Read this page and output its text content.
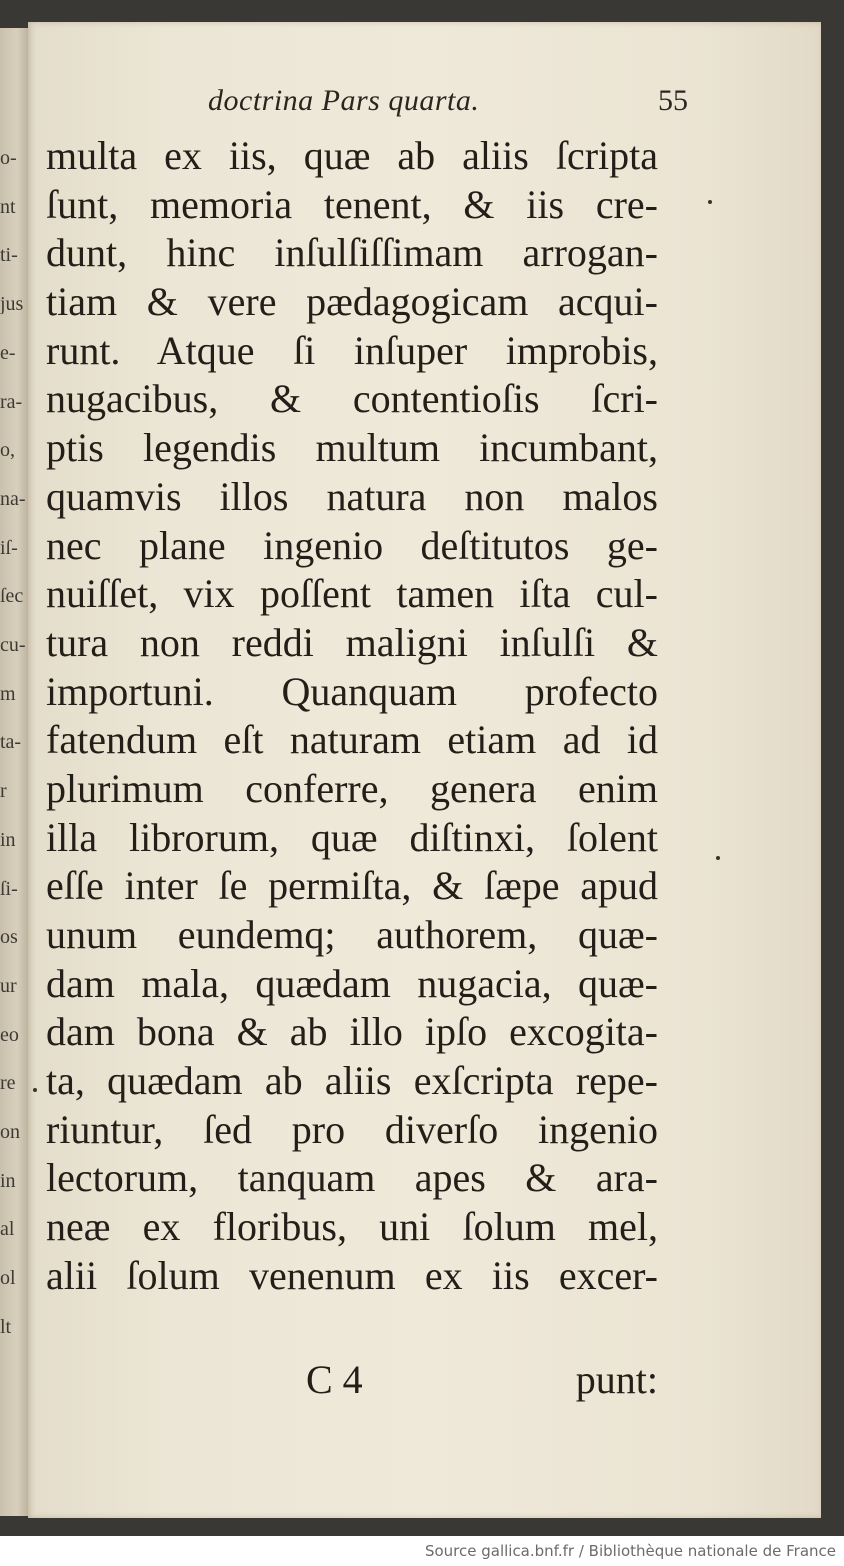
o-
nt
ti-
jus
e-
ra-
o,
na-
iſ-
ſec
cu-
m
ta-
r
in
ſi-
os
ur
eo
re
on
in
al
ol
lt
doctrina Pars quarta.	55
multa ex iis, quæ ab aliis ſcripta
ſunt, memoria tenent, & iis cre-
dunt, hinc inſulſiſſimam arrogan-
tiam & vere pædagogicam acqui-
runt. Atque ſi inſuper improbis,
nugacibus, & contentioſis ſcri-
ptis legendis multum incumbant,
quamvis illos natura non malos
nec plane ingenio deſtitutos ge-
nuiſſet, vix poſſent tamen iſta cul-
tura non reddi maligni inſulſi &
importuni. Quanquam profecto
fatendum eſt naturam etiam ad id
plurimum conferre, genera enim
illa librorum, quæ diſtinxi, ſolent
eſſe inter ſe permiſta, & ſæpe apud
unum eundemq; authorem, quæ-
dam mala, quædam nugacia, quæ-
dam bona & ab illo ipſo excogita-
ta, quædam ab aliis exſcripta repe-
riuntur, ſed pro diverſo ingenio
lectorum, tanquam apes & ara-
neæ ex floribus, uni ſolum mel,
alii ſolum venenum ex iis excer-
C 4	punt:
Source gallica.bnf.fr / Bibliothèque nationale de France
